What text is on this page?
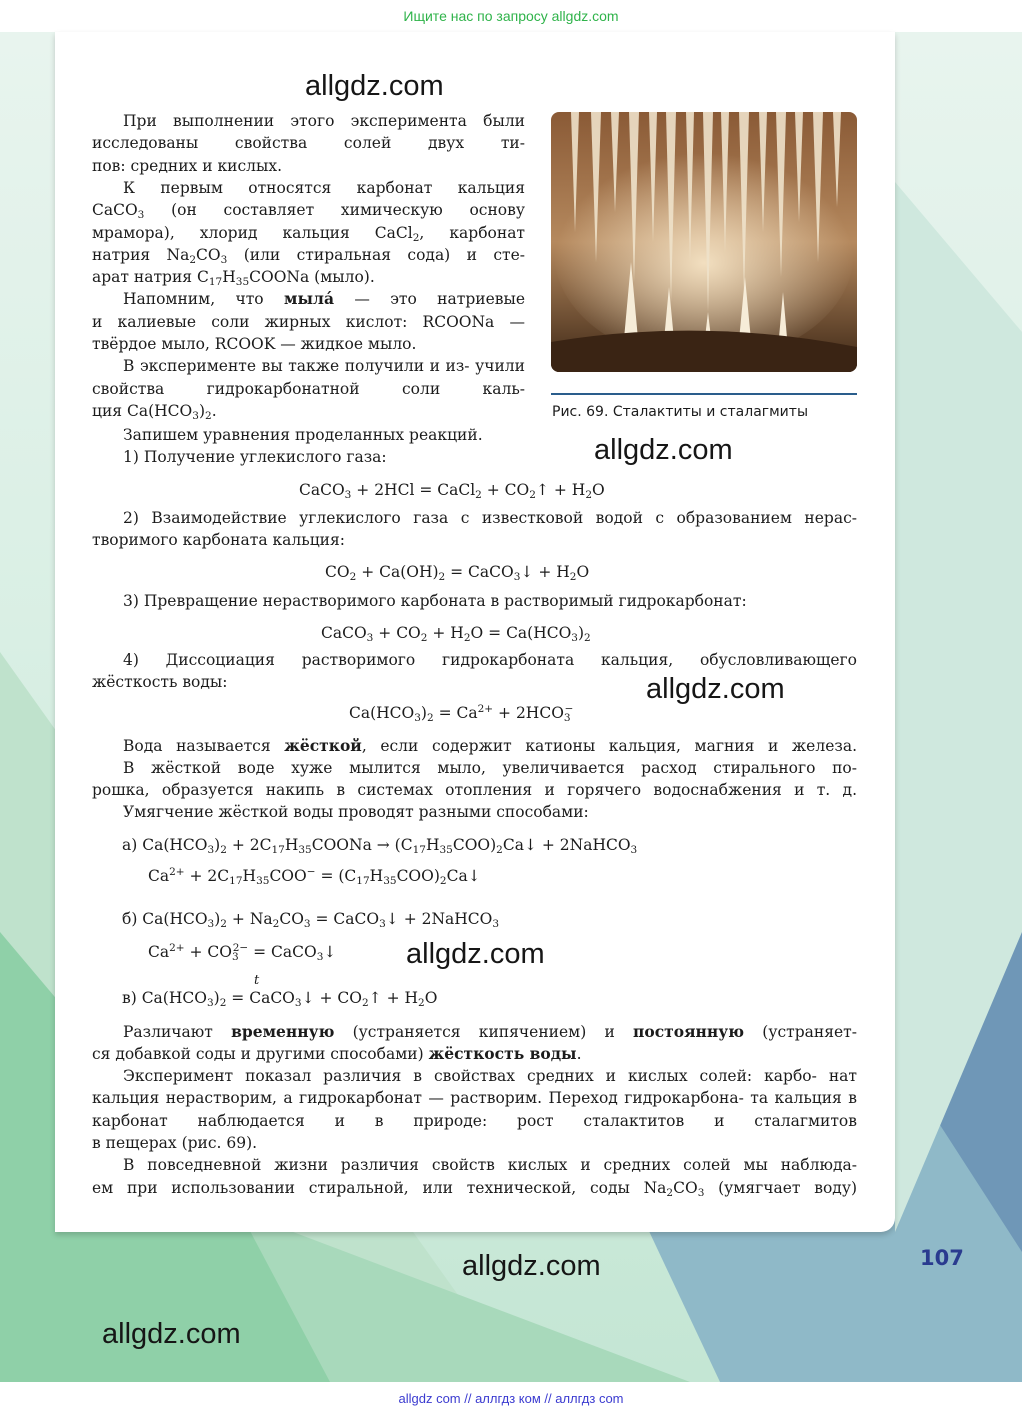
Ищите нас по запросу allgdz.com
Рис. 69. Сталактиты и сталагмиты
При выполнении этого эксперимента были исследованы свойства солей двух ти-
пов: средних и кислых.
К первым относятся карбонат кальция
CaCO$_3$ (он составляет химическую основу
мрамора), хлорид кальция CaCl$_2$, карбонат
натрия $Na_2CO_3$ (или стиральная сода) и сте-
арат натрия $C_{17}H_{35}COONa$ (мыло).
Напомним, что мыла́ — это натриевые
и калиевые соли жирных кислот: RCOONa —
твёрдое мыло, RCOOK — жидкое мыло.
В эксперименте вы также получили и из- учили свойства гидрокарбонатной соли каль-
ция $Ca(HCO_3)_2$.
Запишем уравнения проделанных реакций.
1) Получение углекислого газа:
CaCO$_3$ + 2HCl = CaCl$_2$ + $CO_2↑ + H_2O$
2) Взаимодействие углекислого газа с известковой водой с образованием нерас-
творимого карбоната кальция:
$CO_2 + Ca(OH)_2$ = CaCO$_3$↓ + $H_2O$
3) Превращение нерастворимого карбоната в растворимый гидрокарбонат:
CaCO$_3$ + $CO_2 + H_2O = Ca(HCO_3)_2$
4) Диссоциация растворимого гидрокарбоната кальция, обусловливающего
жёсткость воды:
$Ca(HCO_3)_2 = Ca^{2+} + 2HCO_3^-$
Вода называется жёсткой, если содержит катионы кальция, магния и железа.
В жёсткой воде хуже мылится мыло, увеличивается расход стирального по-
рошка, образуется накипь в системах отопления и горячего водоснабжения и т. д.
Умягчение жёсткой воды проводят разными способами:
а) $Ca(HCO_3)_2$ + $2C_{17}H_{35}COONa$ → $(C_{17}H_{35}COO)_2Ca↓$ + 2NaHCO$_3$
$Ca^{2+} + 2C_{17}H_{35}COO^-$ = $(C_{17}H_{35}COO)_2Ca↓$
б) $Ca(HCO_3)_2 + Na_2CO_3$ = CaCO$_3$↓ + 2NaHCO$_3$
$Ca^{2+} + CO_3^{2-}$ = CaCO$_3$↓
t
в) $Ca(HCO_3)_2$ = CaCO$_3$↓ + $CO_2↑ + H_2O$
Различают временную (устраняется кипячением) и постоянную (устраняет-
ся добавкой соды и другими способами) жёсткость воды.
Эксперимент показал различия в свойствах средних и кислых солей: карбо- нат кальция нерастворим, а гидрокарбонат — растворим. Переход гидрокарбона- та кальция в карбонат наблюдается и в природе: рост сталактитов и сталагмитов
в пещерах (рис. 69).
В повседневной жизни различия свойств кислых и средних солей мы наблюда-
ем при использовании стиральной, или технической, соды $Na_2CO_3$ (умягчает воду)
allgdz.com
allgdz.com
allgdz.com
allgdz.com
allgdz.com
allgdz.com
107
allgdz com // аллгдз ком // аллгдз com
